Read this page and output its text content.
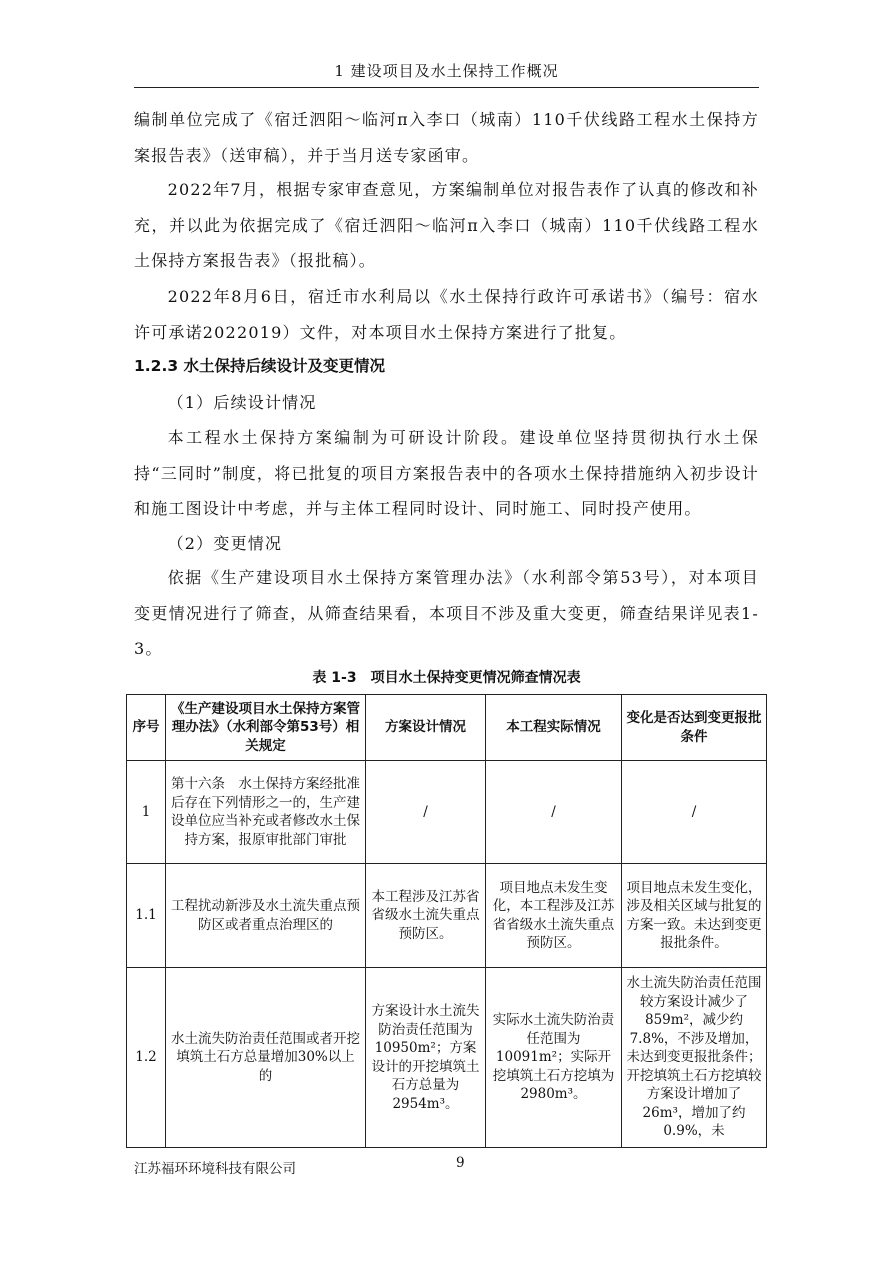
1 建设项目及水土保持工作概况

编制单位完成了《宿迁泗阳～临河π入李口（城南）110千伏线路工程水土保持方案报告表》（送审稿），并于当月送专家函审。

2022年7月，根据专家审查意见，方案编制单位对报告表作了认真的修改和补充，并以此为依据完成了《宿迁泗阳～临河π入李口（城南）110千伏线路工程水土保持方案报告表》（报批稿）。

2022年8月6日，宿迁市水利局以《水土保持行政许可承诺书》（编号：宿水许可承诺2022019）文件，对本项目水土保持方案进行了批复。

1.2.3 水土保持后续设计及变更情况

（1）后续设计情况

本工程水土保持方案编制为可研设计阶段。建设单位坚持贯彻执行水土保持“三同时”制度，将已批复的项目方案报告表中的各项水土保持措施纳入初步设计和施工图设计中考虑，并与主体工程同时设计、同时施工、同时投产使用。

（2）变更情况

依据《生产建设项目水土保持方案管理办法》（水利部令第53号），对本项目变更情况进行了筛查，从筛查结果看，本项目不涉及重大变更，筛查结果详见表1-3。

表 1-3　项目水土保持变更情况筛查情况表
序号	《生产建设项目水土保持方案管理办法》（水利部令第53号）相关规定	方案设计情况	本工程实际情况	变化是否达到变更报批条件
1	第十六条　水土保持方案经批准后存在下列情形之一的，生产建设单位应当补充或者修改水土保持方案，报原审批部门审批	/	/	/
1.1	工程扰动新涉及水土流失重点预防区或者重点治理区的	本工程涉及江苏省省级水土流失重点预防区。	项目地点未发生变化，本工程涉及江苏省省级水土流失重点预防区。	项目地点未发生变化，涉及相关区域与批复的方案一致。未达到变更报批条件。
1.2	水土流失防治责任范围或者开挖填筑土石方总量增加30%以上的	方案设计水土流失防治责任范围为10950m²；方案设计的开挖填筑土石方总量为2954m³。	实际水土流失防治责任范围为10091m²；实际开挖填筑土石方挖填为2980m³。	水土流失防治责任范围较方案设计减少了859m²，减少约7.8%，不涉及增加，未达到变更报批条件；开挖填筑土石方挖填较方案设计增加了26m³，增加了约0.9%，未
江苏福环环境科技有限公司	9
